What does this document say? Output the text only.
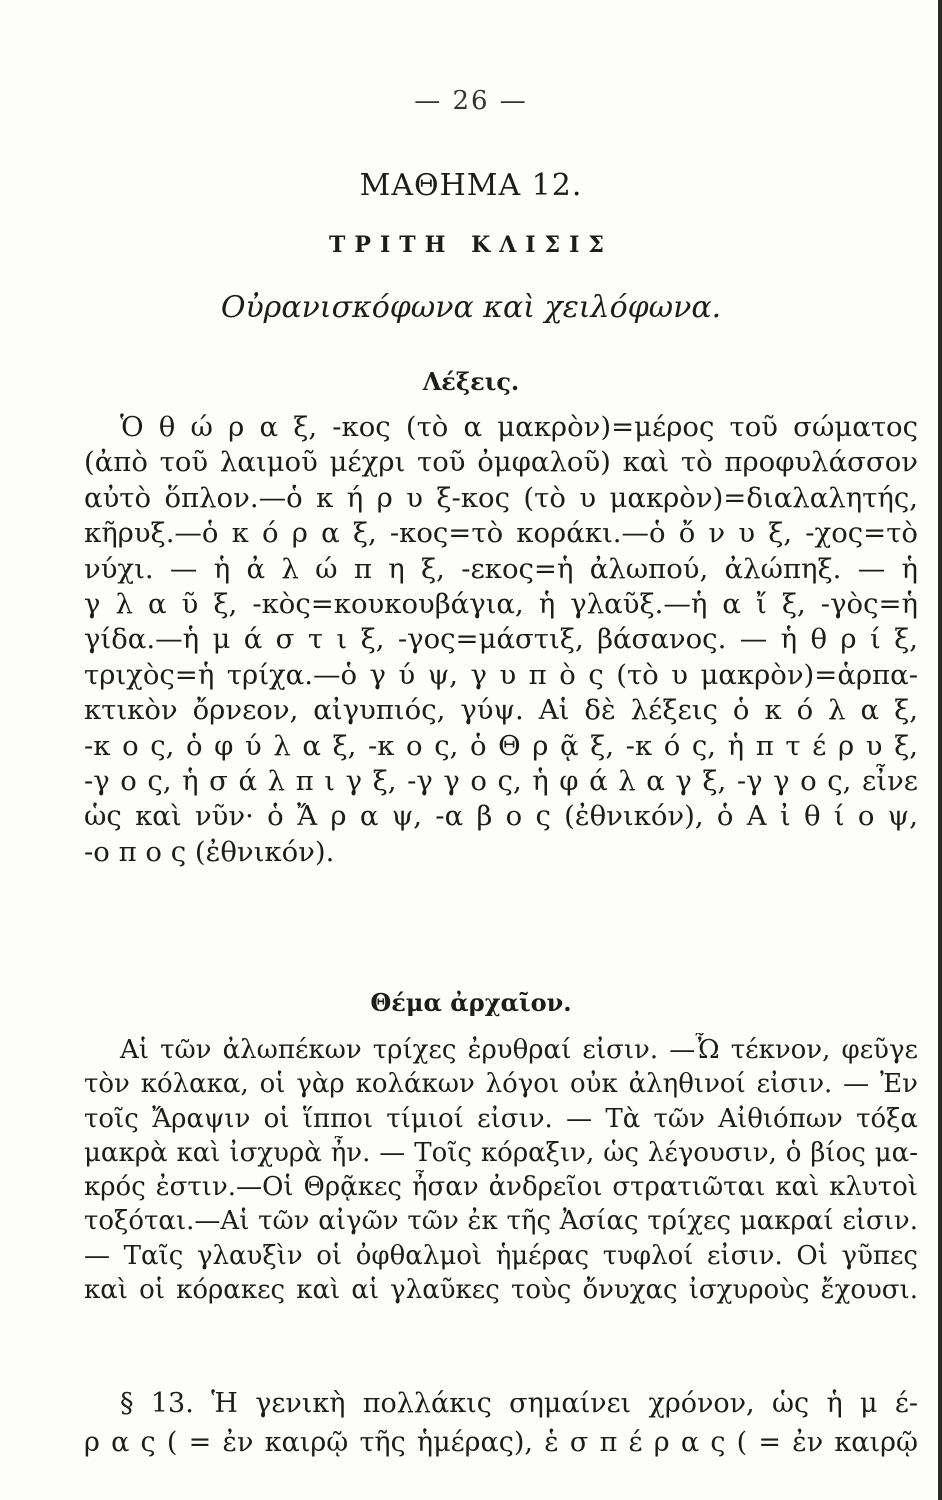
— 26 —
ΜΑΘΗΜΑ 12.
ΤΡΙΤΗ ΚΛΙΣΙΣ
Οὐρανισκόφωνα καὶ χειλόφωνα.
Λέξεις.
Ὁ θ ώ ρ α ξ, -κος (τὸ α μακρὸν)=μέρος τοῦ σώματος
(ἀπὸ τοῦ λαιμοῦ μέχρι τοῦ ὀμφαλοῦ) καὶ τὸ προφυλάσσον
αὐτὸ ὅπλον.—ὁ κ ή ρ υ ξ-κος (τὸ υ μακρὸν)=διαλαλητής,
κῆρυξ.—ὁ κ ό ρ α ξ, -κος=τὸ κοράκι.—ὁ ὄ ν υ ξ, -χος=τὸ
νύχι. — ἡ ἀ λ ώ π η ξ, -εκος=ἡ ἀλωπού, ἀλώπηξ. — ἡ
γ λ α ῦ ξ, -κὸς=κουκουβάγια, ἡ γλαῦξ.—ἡ α ἴ ξ, -γὸς=ἡ
γίδα.—ἡ μ ά σ τ ι ξ, -γος=μάστιξ, βάσανος. — ἡ θ ρ ί ξ,
τριχὸς=ἡ τρίχα.—ὁ γ ύ ψ, γ υ π ὸ ς (τὸ υ μακρὸν)=ἁρπα-
κτικὸν ὄρνεον, αἰγυπιός, γύψ. Αἱ δὲ λέξεις ὁ κ ό λ α ξ,
-κ ο ς, ὁ φ ύ λ α ξ, -κ ο ς, ὁ Θ ρ ᾷ ξ, -κ ό ς, ἡ π τ έ ρ υ ξ,
-γ ο ς, ἡ σ ά λ π ι γ ξ, -γ γ ο ς, ἡ φ ά λ α γ ξ, -γ γ ο ς, εἶνε
ὡς καὶ νῦν· ὁ Ἄ ρ α ψ, -α β ο ς (ἐθνικόν), ὁ Α ἰ θ ί ο ψ,
-ο π ο ς (ἐθνικόν).
Θέμα ἀρχαῖον.
Αἱ τῶν ἀλωπέκων τρίχες ἐρυθραί εἰσιν. —Ὦ τέκνον, φεῦγε
τὸν κόλακα, οἱ γὰρ κολάκων λόγοι οὐκ ἀληθινοί εἰσιν. — Ἐν
τοῖς Ἄραψιν οἱ ἵπποι τίμιοί εἰσιν. — Τὰ τῶν Αἰθιόπων τόξα
μακρὰ καὶ ἰσχυρὰ ἦν. — Τοῖς κόραξιν, ὡς λέγουσιν, ὁ βίος μα-
κρός ἐστιν.—Οἱ Θρᾷκες ἦσαν ἀνδρεῖοι στρατιῶται καὶ κλυτοὶ
τοξόται.—Αἱ τῶν αἰγῶν τῶν ἐκ τῆς Ἀσίας τρίχες μακραί εἰσιν.
— Ταῖς γλαυξὶν οἱ ὀφθαλμοὶ ἡμέρας τυφλοί εἰσιν. Οἱ γῦπες
καὶ οἱ κόρακες καὶ αἱ γλαῦκες τοὺς ὄνυχας ἰσχυροὺς ἔχουσι.
§ 13. Ἡ γενικὴ πολλάκις σημαίνει χρόνον, ὡς ἡ μ έ-
ρ α ς ( = ἐν καιρῷ τῆς ἡμέρας), ἑ σ π έ ρ α ς ( = ἐν καιρῷ
